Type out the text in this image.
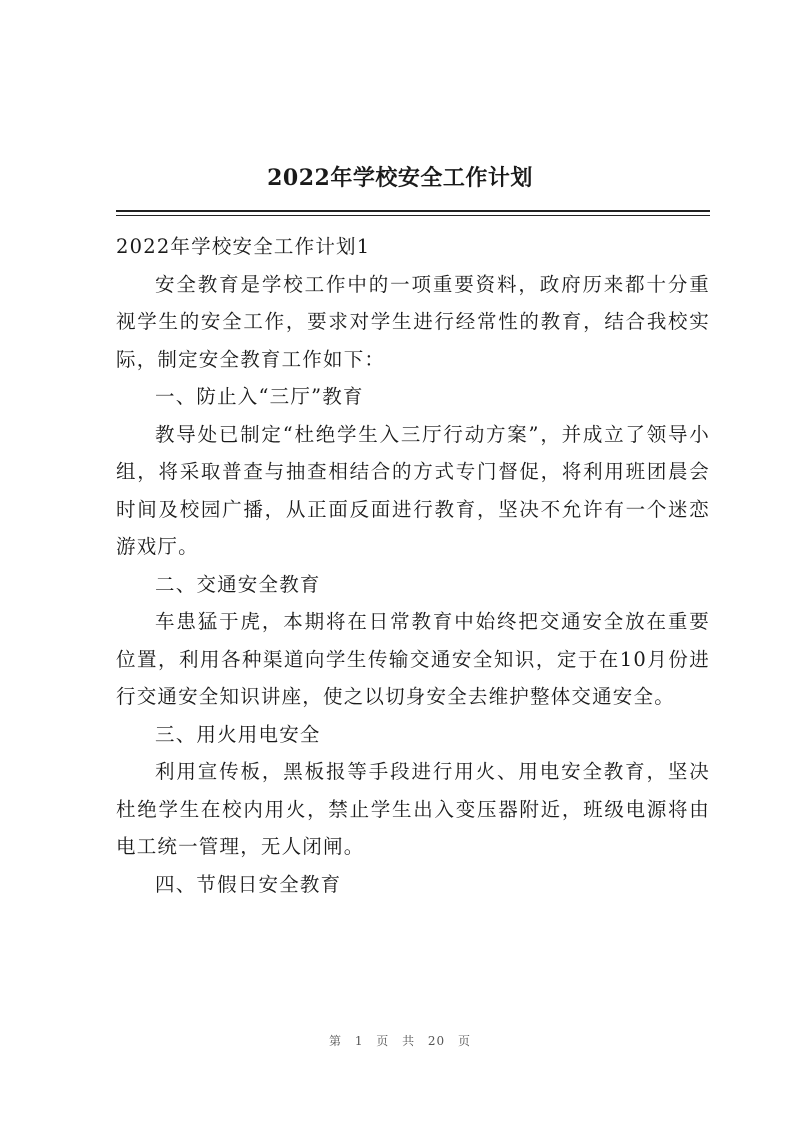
2022年学校安全工作计划

2022年学校安全工作计划1

安全教育是学校工作中的一项重要资料，政府历来都十分重视学生的安全工作，要求对学生进行经常性的教育，结合我校实际，制定安全教育工作如下：

一、防止入“三厅”教育

教导处已制定“杜绝学生入三厅行动方案”，并成立了领导小组，将采取普查与抽查相结合的方式专门督促，将利用班团晨会时间及校园广播，从正面反面进行教育，坚决不允许有一个迷恋游戏厅。

二、交通安全教育

车患猛于虎，本期将在日常教育中始终把交通安全放在重要位置，利用各种渠道向学生传输交通安全知识，定于在10月份进行交通安全知识讲座，使之以切身安全去维护整体交通安全。

三、用火用电安全

利用宣传板，黑板报等手段进行用火、用电安全教育，坚决杜绝学生在校内用火，禁止学生出入变压器附近，班级电源将由电工统一管理，无人闭闸。

四、节假日安全教育

第 1 页 共 20 页
